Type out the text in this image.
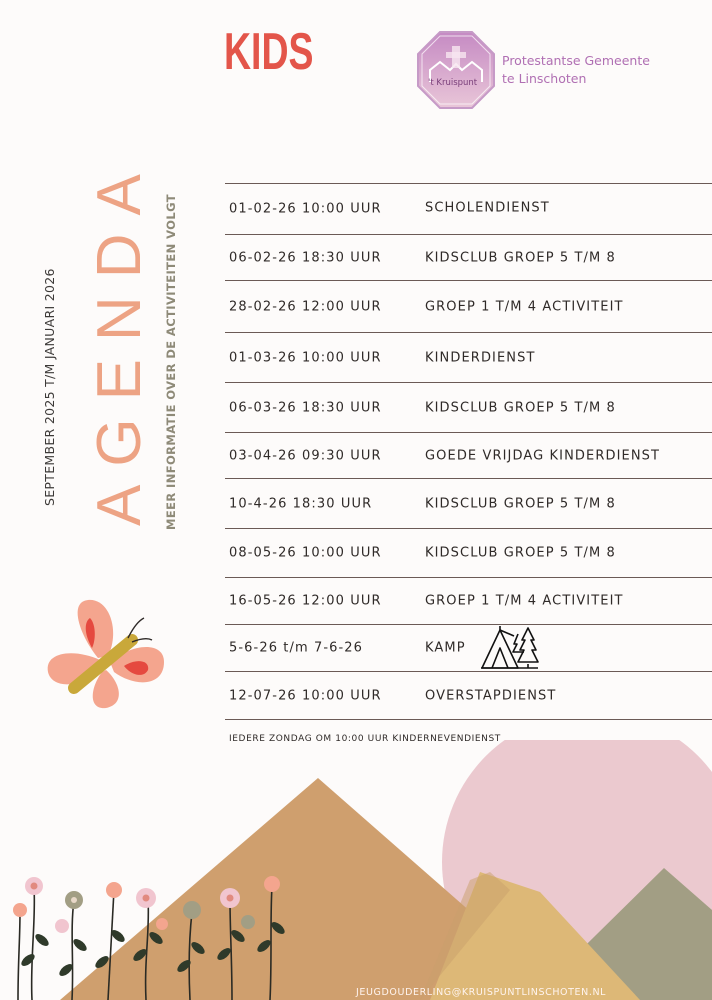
KIDS
't Kruispunt
Protestantse Gemeente
te Linschoten
SEPTEMBER 2025 T/M JANUARI 2026 AGENDA MEER INFORMATIE OVER DE ACTIVITEITEN VOLGT	01-02-26 10:00 UUR	SCHOLENDIENST
06-02-26 18:30 UUR	KIDSCLUB GROEP 5 T/M 8
28-02-26 12:00 UUR	GROEP 1 T/M 4 ACTIVITEIT
01-03-26 10:00 UUR	KINDERDIENST
06-03-26 18:30 UUR	KIDSCLUB GROEP 5 T/M 8
03-04-26 09:30 UUR	GOEDE VRIJDAG KINDERDIENST
10-4-26 18:30 UUR	KIDSCLUB GROEP 5 T/M 8
08-05-26 10:00 UUR	KIDSCLUB GROEP 5 T/M 8
16-05-26 12:00 UUR	GROEP 1 T/M 4 ACTIVITEIT
5-6-26 t/m 7-6-26	KAMP
12-07-26 10:00 UUR	OVERSTAPDIENST
IEDERE ZONDAG OM 10:00 UUR KINDERNEVENDIENST
JEUGDOUDERLING@KRUISPUNTLINSCHOTEN.NL
